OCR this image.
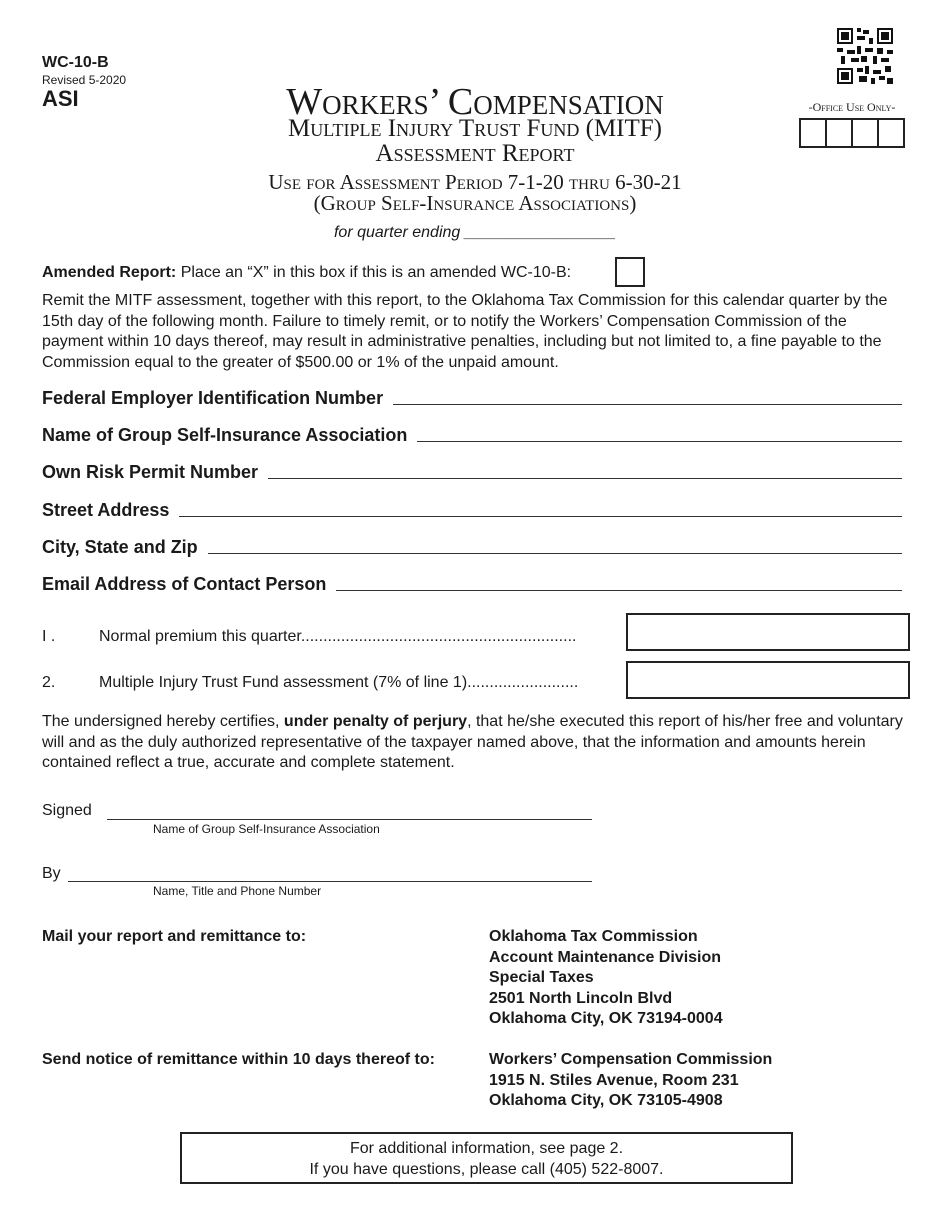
WC-10-B
Revised 5-2020
ASI	-Office Use Only-
Workers’ Compensation
Multiple Injury Trust Fund (MITF)
Assessment Report
Use for Assessment Period 7-1-20 thru 6-30-21
(Group Self-Insurance Associations)
for quarter ending _________________
Amended Report: Place an “X” in this box if this is an amended WC-10-B:
Remit the MITF assessment, together with this report, to the Oklahoma Tax Commission for this calendar quarter by the 15th day of the following month. Failure to timely remit, or to notify the Workers’ Compensation Commission of the payment within 10 days thereof, may result in administrative penalties, including but not limited to, a fine payable to the Commission equal to the greater of $500.00 or 1% of the unpaid amount.
Federal Employer Identification Number
Name of Group Self-Insurance Association
Own Risk Permit Number
Street Address
City, State and Zip
Email Address of Contact Person
I .	Normal premium this quarter..............................................................
2.	Multiple Injury Trust Fund assessment (7% of line 1).........................
The undersigned hereby certifies, under penalty of perjury, that he/she executed this report of his/her free and voluntary will and as the duly authorized representative of the taxpayer named above, that the information and amounts herein contained reflect a true, accurate and complete statement.
Signed
Name of Group Self-Insurance Association
By
Name, Title and Phone Number
Mail your report and remittance to:	Oklahoma Tax Commission
Account Maintenance Division
Special Taxes
2501 North Lincoln Blvd
Oklahoma City, OK 73194-0004
Send notice of remittance within 10 days thereof to:	Workers’ Compensation Commission
1915 N. Stiles Avenue, Room 231
Oklahoma City, OK 73105-4908
For additional information, see page 2.
If you have questions, please call (405) 522-8007.
